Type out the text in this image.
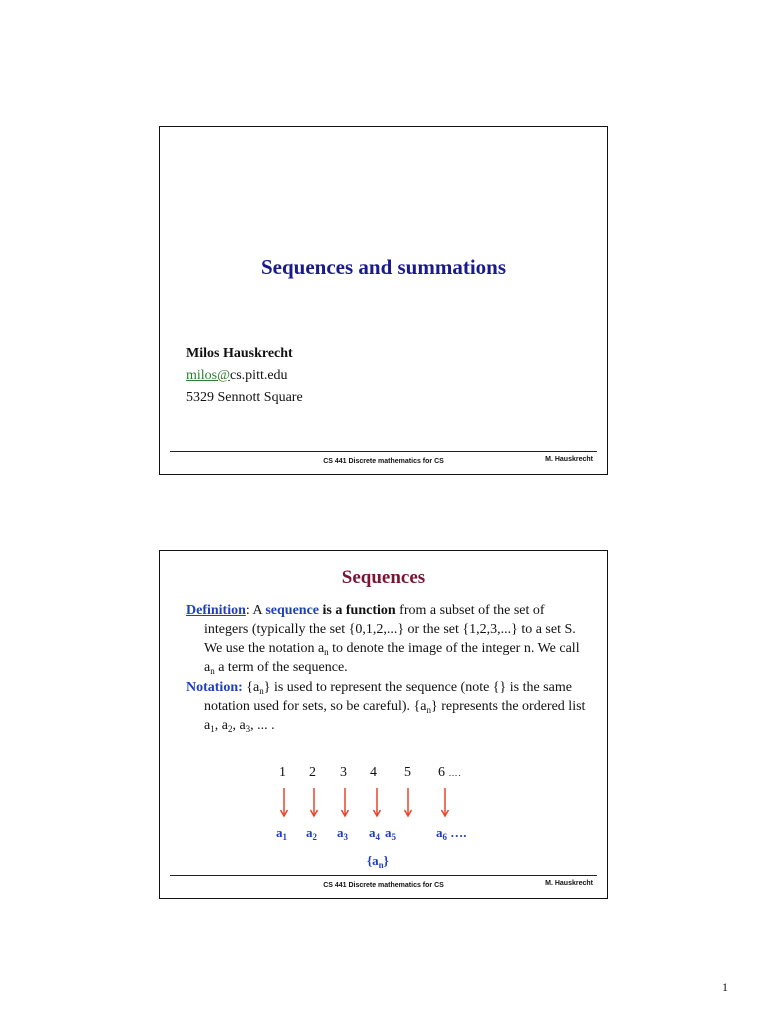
Sequences and summations
Milos Hauskrecht
milos@cs.pitt.edu
5329 Sennott Square
CS 441 Discrete mathematics for CS	M. Hauskrecht
Sequences

Definition: A sequence is a function from a subset of the set of integers (typically the set {0,1,2,...} or the set {1,2,3,...} to a set S. We use the notation $a_n$ to denote the image of the integer n. We call $a_n$ a term of the sequence.

Notation: $\{a_n\}$ is used to represent the sequence (note {} is the same notation used for sets, so be careful). $\{a_n\}$ represents the ordered list $a_1$, $a_2$, $a_3$, ... .

1 2 3 4 5 6 ….
$a_1$ $a_2$ $a_3$ $a_4$ $a_5$	$a_6$ ….
$\{a_n\}$
CS 441 Discrete mathematics for CS	M. Hauskrecht
1
